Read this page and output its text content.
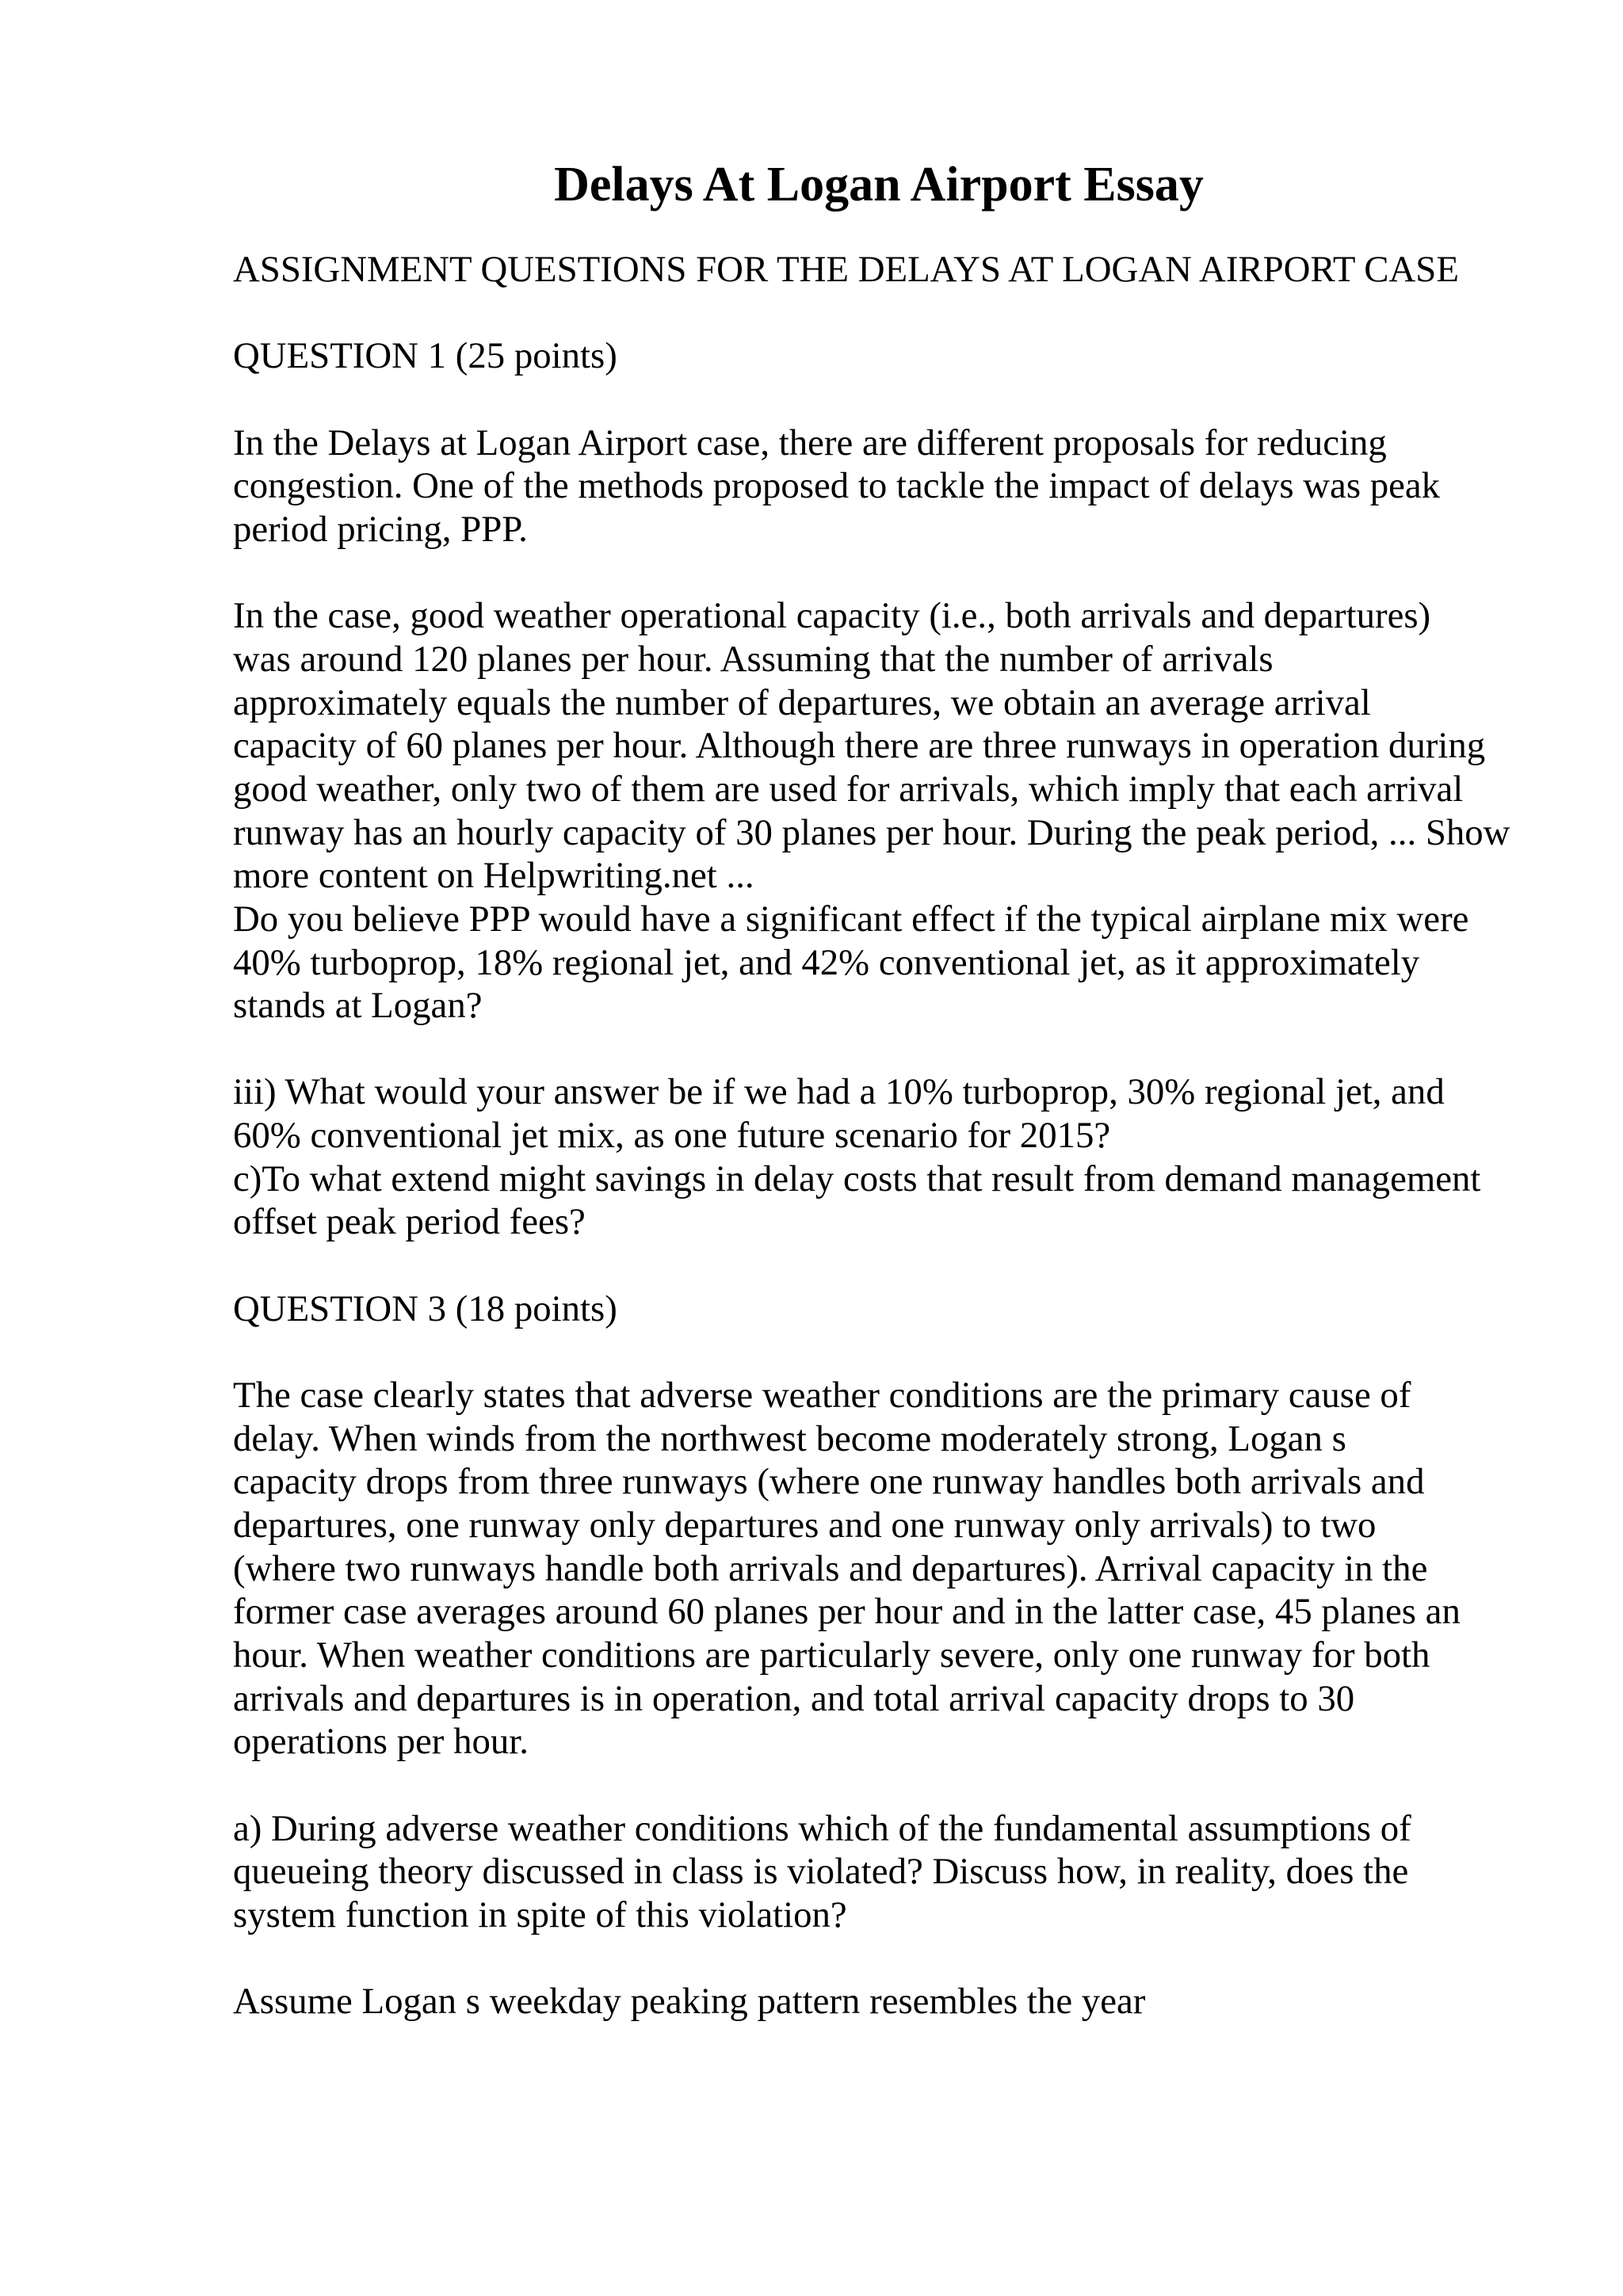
Delays At Logan Airport Essay
ASSIGNMENT QUESTIONS FOR THE DELAYS AT LOGAN AIRPORT CASE
QUESTION 1 (25 points)
In the Delays at Logan Airport case, there are different proposals for reducing
congestion. One of the methods proposed to tackle the impact of delays was peak
period pricing, PPP.
In the case, good weather operational capacity (i.e., both arrivals and departures)
was around 120 planes per hour. Assuming that the number of arrivals
approximately equals the number of departures, we obtain an average arrival
capacity of 60 planes per hour. Although there are three runways in operation during
good weather, only two of them are used for arrivals, which imply that each arrival
runway has an hourly capacity of 30 planes per hour. During the peak period, ... Show
more content on Helpwriting.net ...
Do you believe PPP would have a significant effect if the typical airplane mix were
40% turboprop, 18% regional jet, and 42% conventional jet, as it approximately
stands at Logan?
iii) What would your answer be if we had a 10% turboprop, 30% regional jet, and
60% conventional jet mix, as one future scenario for 2015?
c)To what extend might savings in delay costs that result from demand management
offset peak period fees?
QUESTION 3 (18 points)
The case clearly states that adverse weather conditions are the primary cause of
delay. When winds from the northwest become moderately strong, Logan s
capacity drops from three runways (where one runway handles both arrivals and
departures, one runway only departures and one runway only arrivals) to two
(where two runways handle both arrivals and departures). Arrival capacity in the
former case averages around 60 planes per hour and in the latter case, 45 planes an
hour. When weather conditions are particularly severe, only one runway for both
arrivals and departures is in operation, and total arrival capacity drops to 30
operations per hour.
a) During adverse weather conditions which of the fundamental assumptions of
queueing theory discussed in class is violated? Discuss how, in reality, does the
system function in spite of this violation?
Assume Logan s weekday peaking pattern resembles the year
